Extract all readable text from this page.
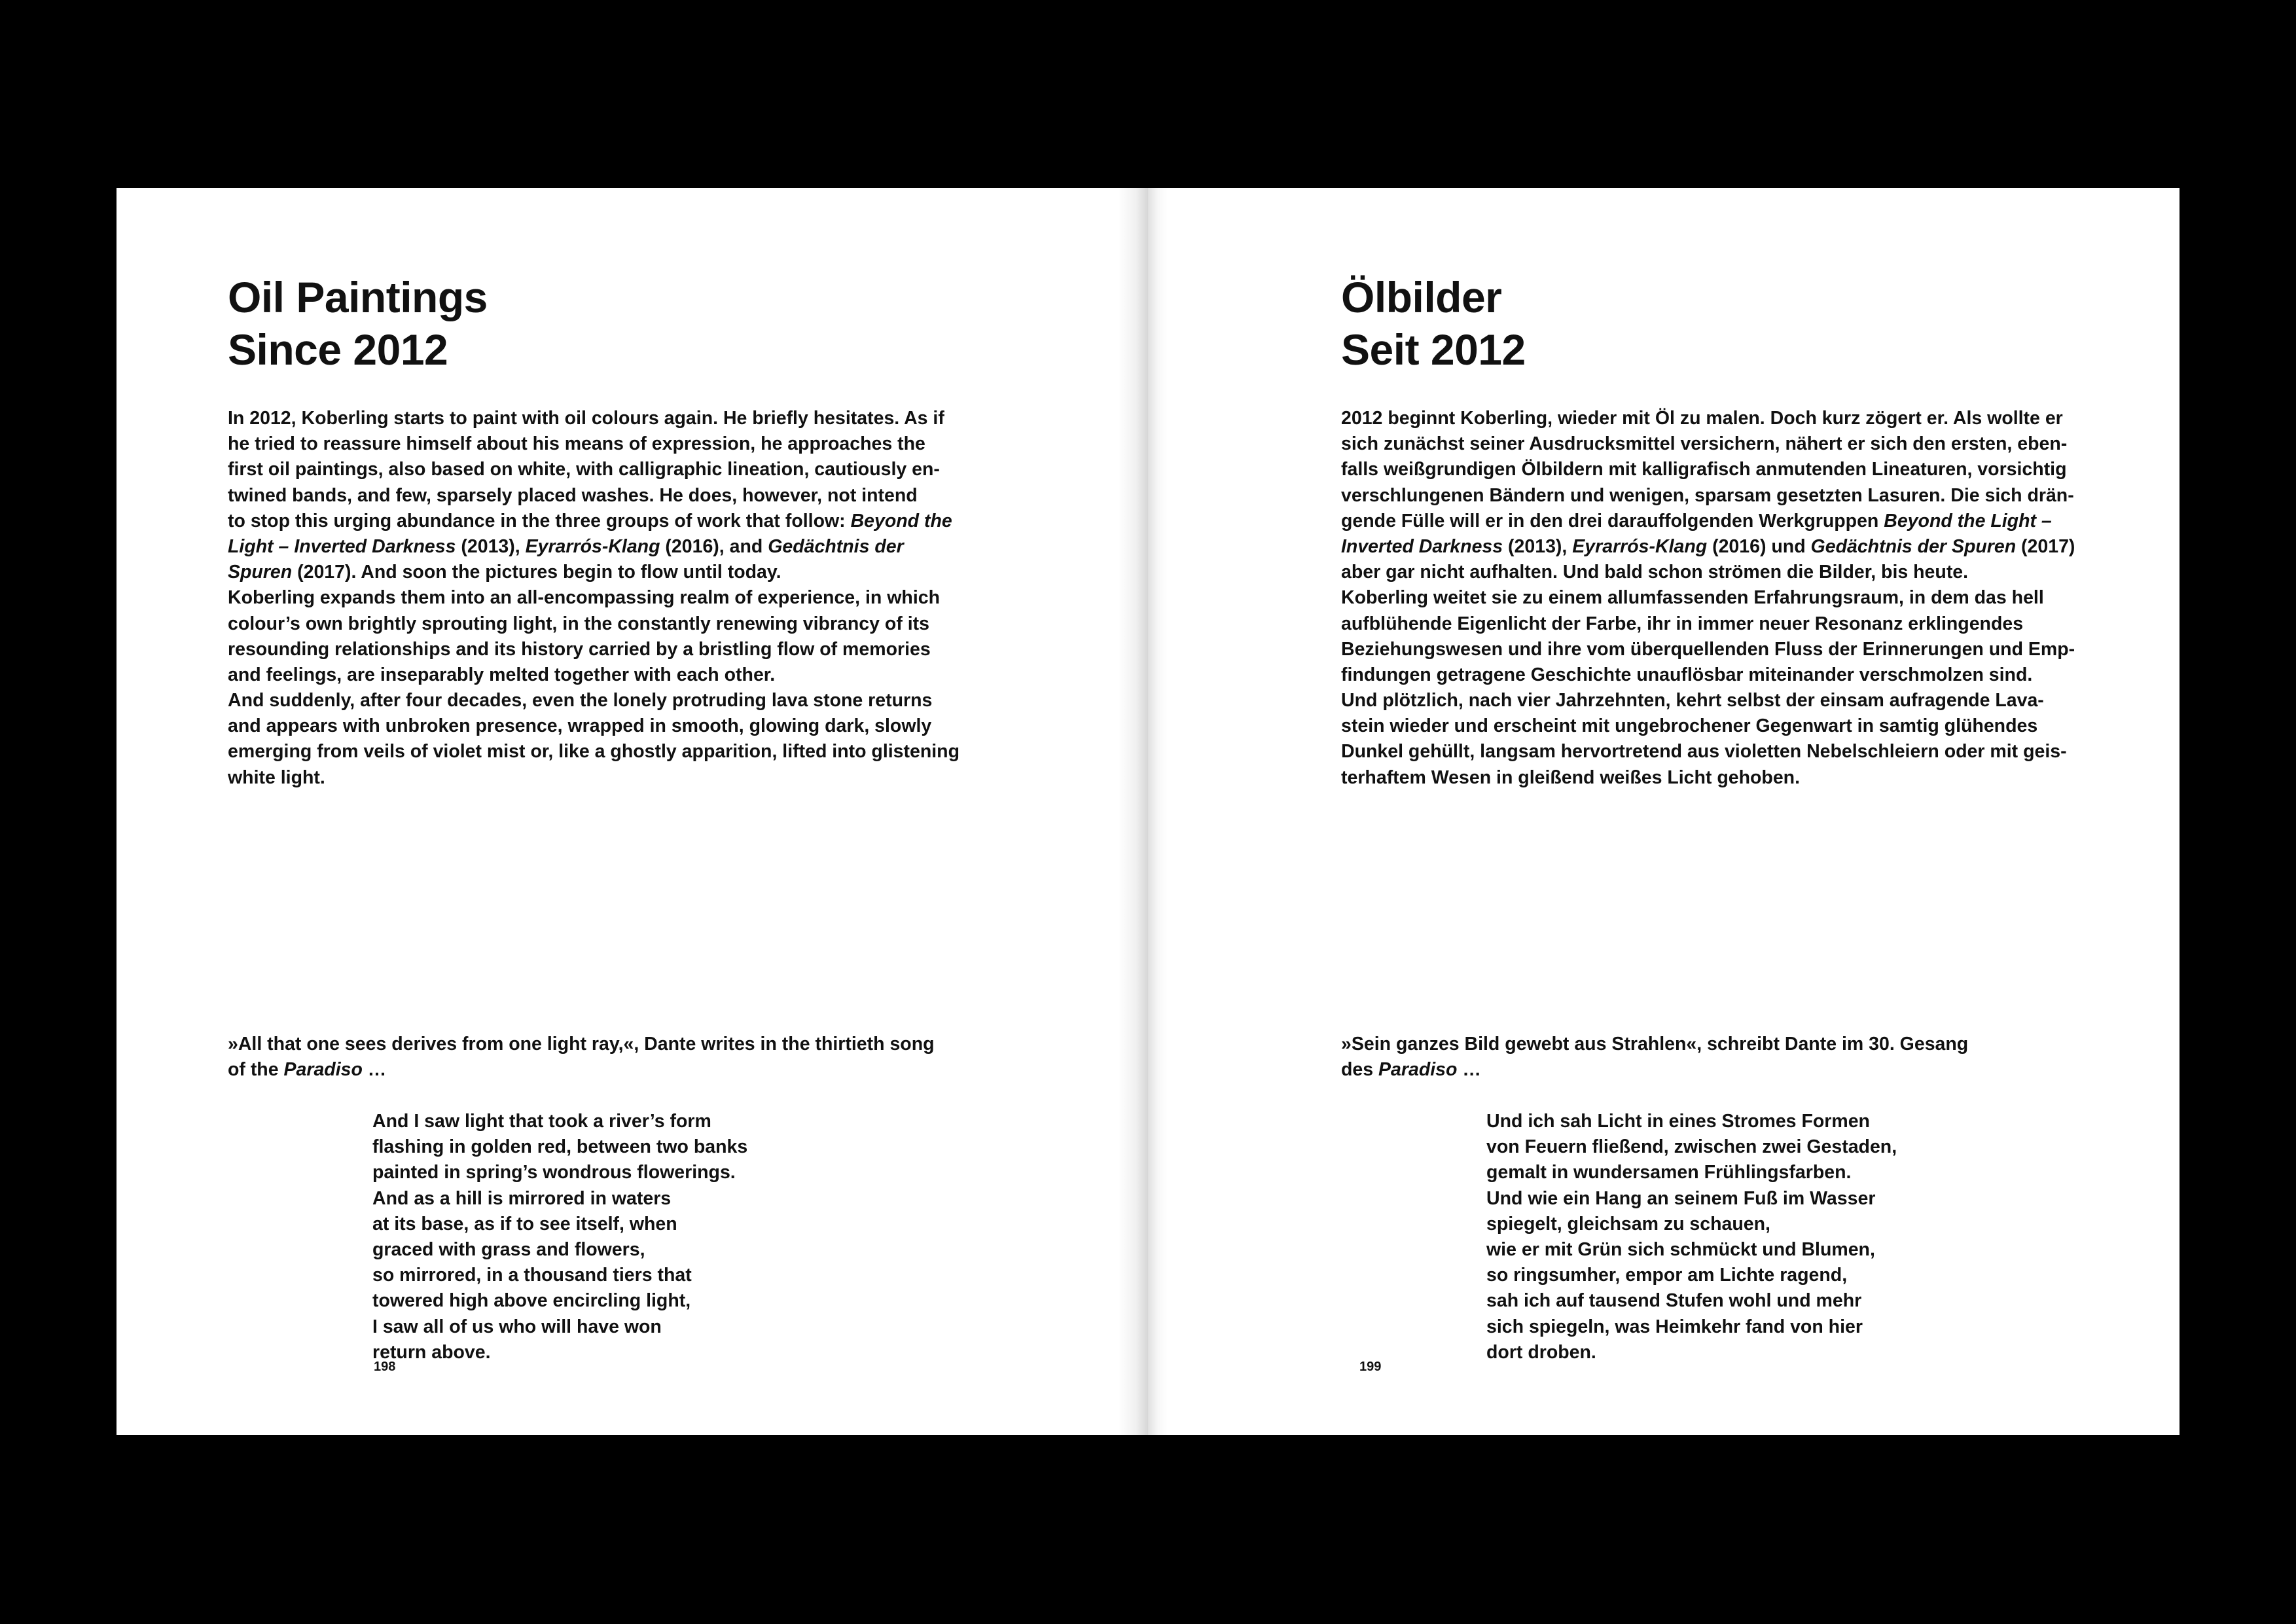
Oil Paintings
Since 2012
In 2012, Koberling starts to paint with oil colours again. He briefly hesitates. As if
he tried to reassure himself about his means of expression, he approaches the
first oil paintings, also based on white, with calligraphic lineation, cautiously en-
twined bands, and few, sparsely placed washes. He does, however, not intend
to stop this urging abundance in the three groups of work that follow: Beyond the
Light – Inverted Darkness (2013), Eyrarrós-Klang (2016), and Gedächtnis der
Spuren (2017). And soon the pictures begin to flow until today.
Koberling expands them into an all-encompassing realm of experience, in which
colour’s own brightly sprouting light, in the constantly renewing vibrancy of its
resounding relationships and its history carried by a bristling flow of memories
and feelings, are inseparably melted together with each other.
And suddenly, after four decades, even the lonely protruding lava stone returns
and appears with unbroken presence, wrapped in smooth, glowing dark, slowly
emerging from veils of violet mist or, like a ghostly apparition, lifted into glistening
white light.
»All that one sees derives from one light ray,«, Dante writes in the thirtieth song
of the Paradiso …
And I saw light that took a river’s form
flashing in golden red, between two banks
painted in spring’s wondrous flowerings.
And as a hill is mirrored in waters
at its base, as if to see itself, when
graced with grass and flowers,
so mirrored, in a thousand tiers that
towered high above encircling light,
I saw all of us who will have won
return above.
198
Ölbilder
Seit 2012
2012 beginnt Koberling, wieder mit Öl zu malen. Doch kurz zögert er. Als wollte er
sich zunächst seiner Ausdrucksmittel versichern, nähert er sich den ersten, eben-
falls weißgrundigen Ölbildern mit kalligrafisch anmutenden Lineaturen, vorsichtig
verschlungenen Bändern und wenigen, sparsam gesetzten Lasuren. Die sich drän-
gende Fülle will er in den drei darauffolgenden Werkgruppen Beyond the Light –
Inverted Darkness (2013), Eyrarrós-Klang (2016) und Gedächtnis der Spuren (2017)
aber gar nicht aufhalten. Und bald schon strömen die Bilder, bis heute.
Koberling weitet sie zu einem allumfassenden Erfahrungsraum, in dem das hell
aufblühende Eigenlicht der Farbe, ihr in immer neuer Resonanz erklingendes
Beziehungswesen und ihre vom überquellenden Fluss der Erinnerungen und Emp-
findungen getragene Geschichte unauflösbar miteinander verschmolzen sind.
Und plötzlich, nach vier Jahrzehnten, kehrt selbst der einsam aufragende Lava-
stein wieder und erscheint mit ungebrochener Gegenwart in samtig glühendes
Dunkel gehüllt, langsam hervortretend aus violetten Nebelschleiern oder mit geis-
terhaftem Wesen in gleißend weißes Licht gehoben.
»Sein ganzes Bild gewebt aus Strahlen«, schreibt Dante im 30. Gesang
des Paradiso …
Und ich sah Licht in eines Stromes Formen
von Feuern fließend, zwischen zwei Gestaden,
gemalt in wundersamen Frühlingsfarben.
Und wie ein Hang an seinem Fuß im Wasser
spiegelt, gleichsam zu schauen,
wie er mit Grün sich schmückt und Blumen,
so ringsumher, empor am Lichte ragend,
sah ich auf tausend Stufen wohl und mehr
sich spiegeln, was Heimkehr fand von hier
dort droben.
199
